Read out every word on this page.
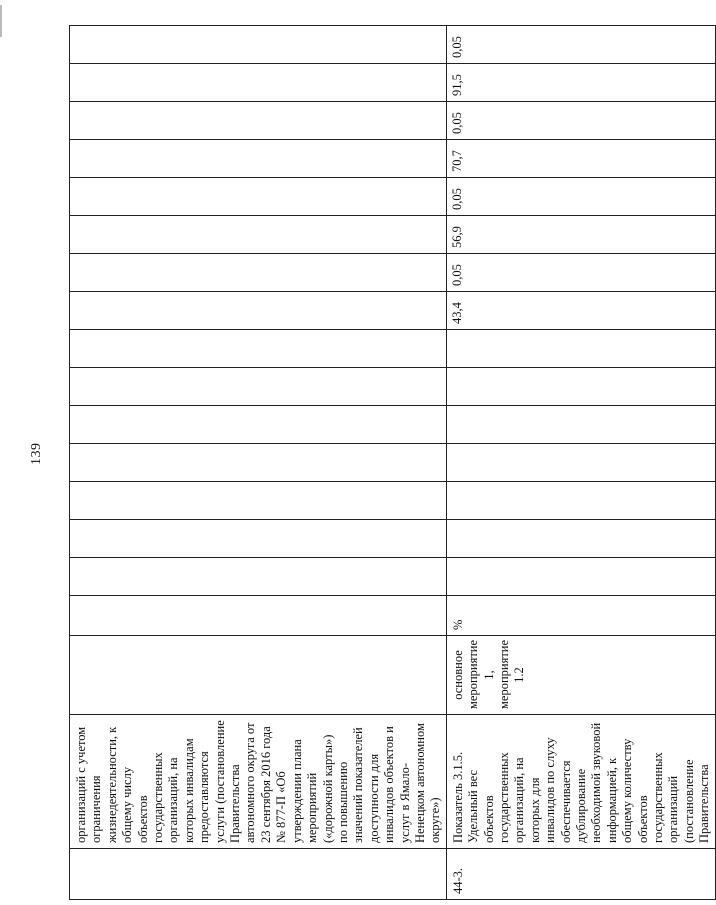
139
	организаций с учетом ограничения жизнедеятельности, к общему числу объектов государственных организаций, на которых инвалидам предоставляются услуги (постановление Правительства автономного округа от 23 сентября 2016 года № 877-П «Об утверждении плана мероприятий («дорожной карты») по повышению значений показателей доступности для инвалидов объектов и услуг в Ямало-Ненецком автономном округе»)																	
44-3.	Показатель 3.1.5. Удельный вес объектов государственных организаций, на которых для инвалидов по слуху обеспечивается дублирование необходимой звуковой информацией, к общему количеству объектов государственных организаций (постановление Правительства	основное мероприятие 1, мероприятие 1.2	%								43,4	0,05	56,9	0,05	70,7	0,05	91,5	0,05
